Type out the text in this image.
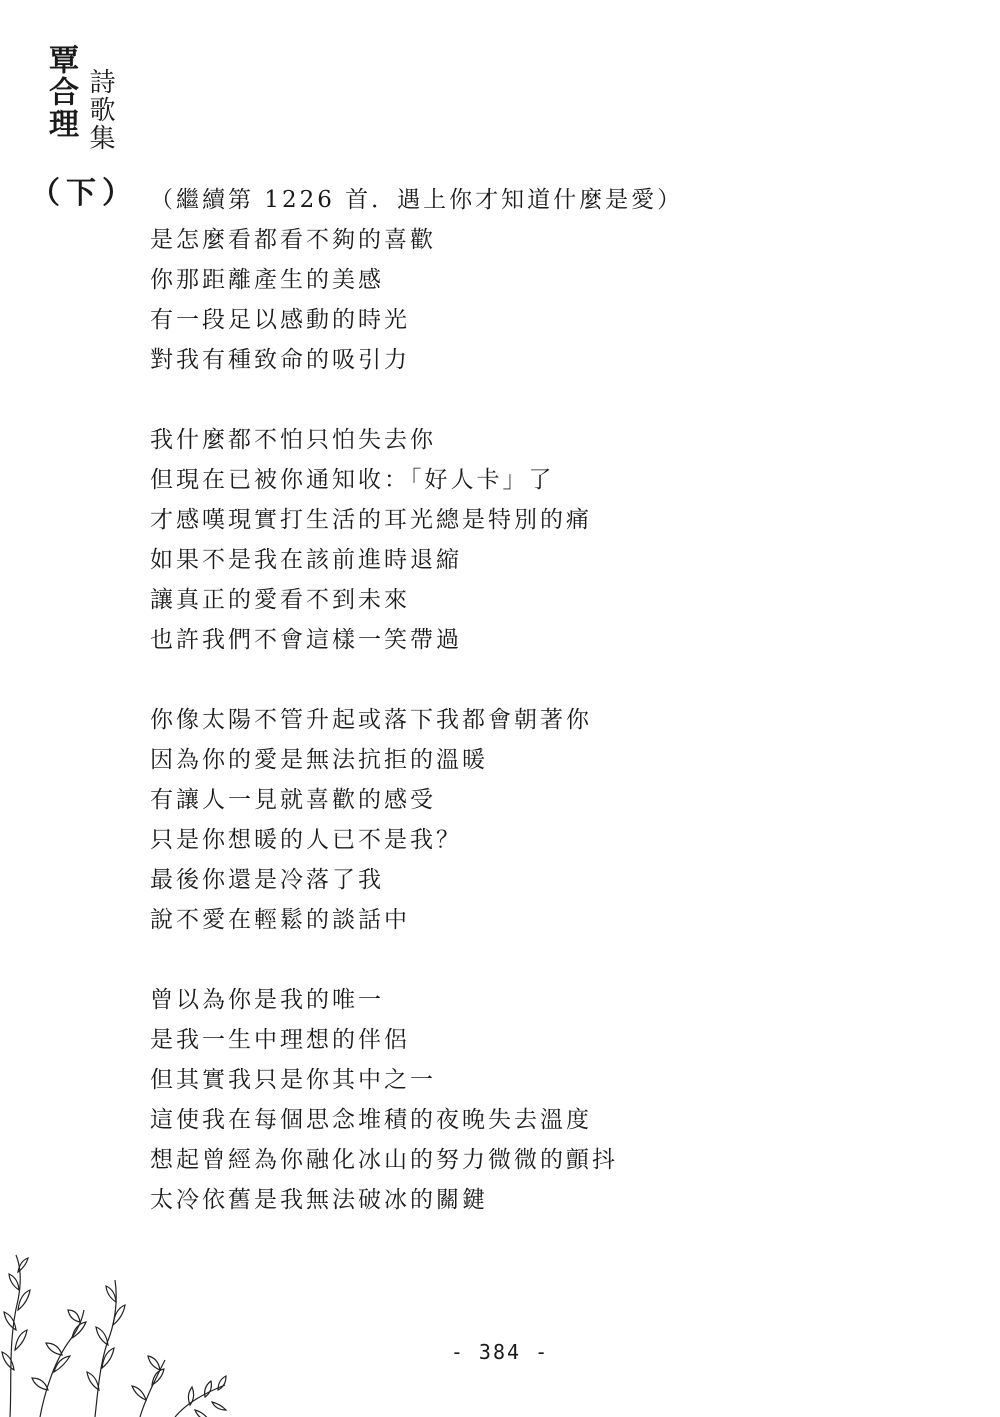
覃合理 詩歌集
（下） （繼續第 1226 首．遇上你才知道什麼是愛）
是怎麼看都看不夠的喜歡
你那距離產生的美感
有一段足以感動的時光
對我有種致命的吸引力
我什麼都不怕只怕失去你
但現在已被你通知收：「好人卡」了
才感嘆現實打生活的耳光總是特別的痛
如果不是我在該前進時退縮
讓真正的愛看不到未來
也許我們不會這樣一笑帶過
你像太陽不管升起或落下我都會朝著你
因為你的愛是無法抗拒的溫暖
有讓人一見就喜歡的感受
只是你想暖的人已不是我？
最後你還是冷落了我
說不愛在輕鬆的談話中
曾以為你是我的唯一
是我一生中理想的伴侶
但其實我只是你其中之一
這使我在每個思念堆積的夜晚失去溫度
想起曾經為你融化冰山的努力微微的顫抖
太冷依舊是我無法破冰的關鍵
- 384 -
